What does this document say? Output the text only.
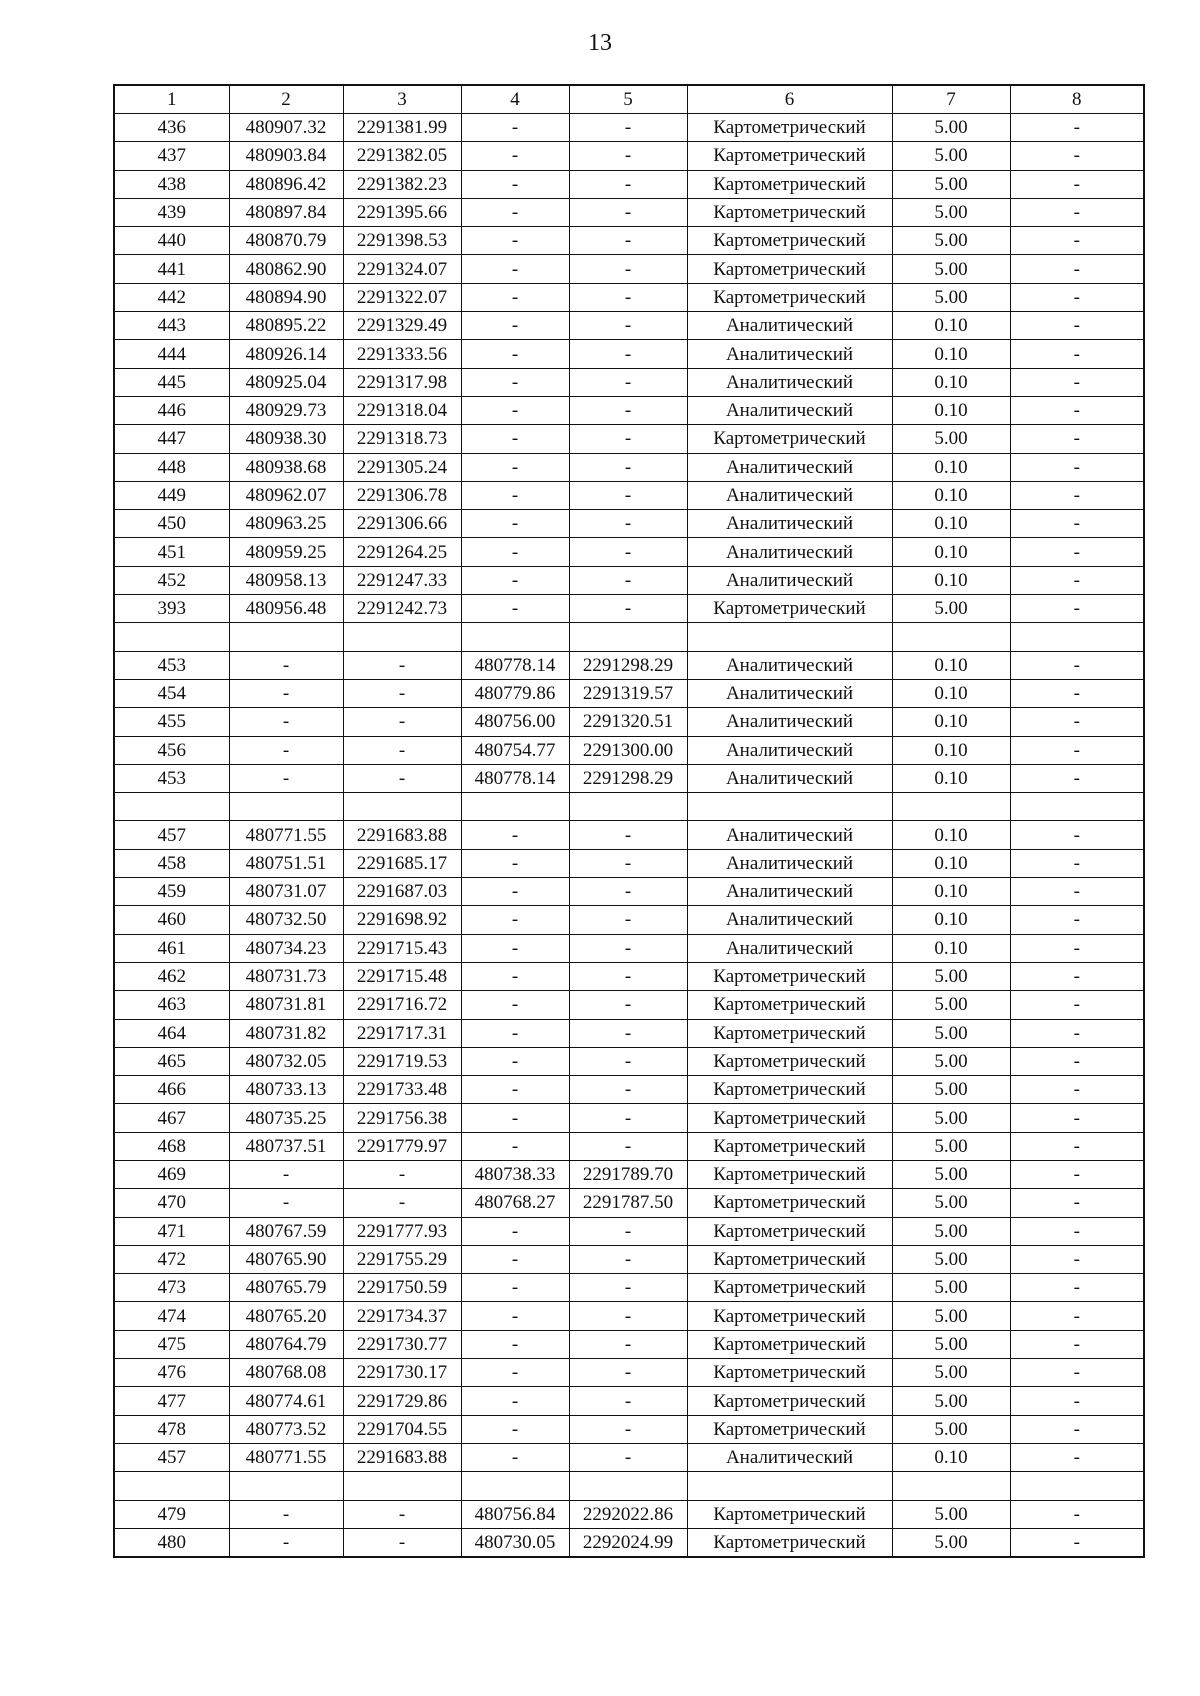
13
1	2	3	4	5	6	7	8
436	480907.32	2291381.99	-	-	Картометрический	5.00	-
437	480903.84	2291382.05	-	-	Картометрический	5.00	-
438	480896.42	2291382.23	-	-	Картометрический	5.00	-
439	480897.84	2291395.66	-	-	Картометрический	5.00	-
440	480870.79	2291398.53	-	-	Картометрический	5.00	-
441	480862.90	2291324.07	-	-	Картометрический	5.00	-
442	480894.90	2291322.07	-	-	Картометрический	5.00	-
443	480895.22	2291329.49	-	-	Аналитический	0.10	-
444	480926.14	2291333.56	-	-	Аналитический	0.10	-
445	480925.04	2291317.98	-	-	Аналитический	0.10	-
446	480929.73	2291318.04	-	-	Аналитический	0.10	-
447	480938.30	2291318.73	-	-	Картометрический	5.00	-
448	480938.68	2291305.24	-	-	Аналитический	0.10	-
449	480962.07	2291306.78	-	-	Аналитический	0.10	-
450	480963.25	2291306.66	-	-	Аналитический	0.10	-
451	480959.25	2291264.25	-	-	Аналитический	0.10	-
452	480958.13	2291247.33	-	-	Аналитический	0.10	-
393	480956.48	2291242.73	-	-	Картометрический	5.00	-

453	-	-	480778.14	2291298.29	Аналитический	0.10	-
454	-	-	480779.86	2291319.57	Аналитический	0.10	-
455	-	-	480756.00	2291320.51	Аналитический	0.10	-
456	-	-	480754.77	2291300.00	Аналитический	0.10	-
453	-	-	480778.14	2291298.29	Аналитический	0.10	-

457	480771.55	2291683.88	-	-	Аналитический	0.10	-
458	480751.51	2291685.17	-	-	Аналитический	0.10	-
459	480731.07	2291687.03	-	-	Аналитический	0.10	-
460	480732.50	2291698.92	-	-	Аналитический	0.10	-
461	480734.23	2291715.43	-	-	Аналитический	0.10	-
462	480731.73	2291715.48	-	-	Картометрический	5.00	-
463	480731.81	2291716.72	-	-	Картометрический	5.00	-
464	480731.82	2291717.31	-	-	Картометрический	5.00	-
465	480732.05	2291719.53	-	-	Картометрический	5.00	-
466	480733.13	2291733.48	-	-	Картометрический	5.00	-
467	480735.25	2291756.38	-	-	Картометрический	5.00	-
468	480737.51	2291779.97	-	-	Картометрический	5.00	-
469	-	-	480738.33	2291789.70	Картометрический	5.00	-
470	-	-	480768.27	2291787.50	Картометрический	5.00	-
471	480767.59	2291777.93	-	-	Картометрический	5.00	-
472	480765.90	2291755.29	-	-	Картометрический	5.00	-
473	480765.79	2291750.59	-	-	Картометрический	5.00	-
474	480765.20	2291734.37	-	-	Картометрический	5.00	-
475	480764.79	2291730.77	-	-	Картометрический	5.00	-
476	480768.08	2291730.17	-	-	Картометрический	5.00	-
477	480774.61	2291729.86	-	-	Картометрический	5.00	-
478	480773.52	2291704.55	-	-	Картометрический	5.00	-
457	480771.55	2291683.88	-	-	Аналитический	0.10	-

479	-	-	480756.84	2292022.86	Картометрический	5.00	-
480	-	-	480730.05	2292024.99	Картометрический	5.00	-
